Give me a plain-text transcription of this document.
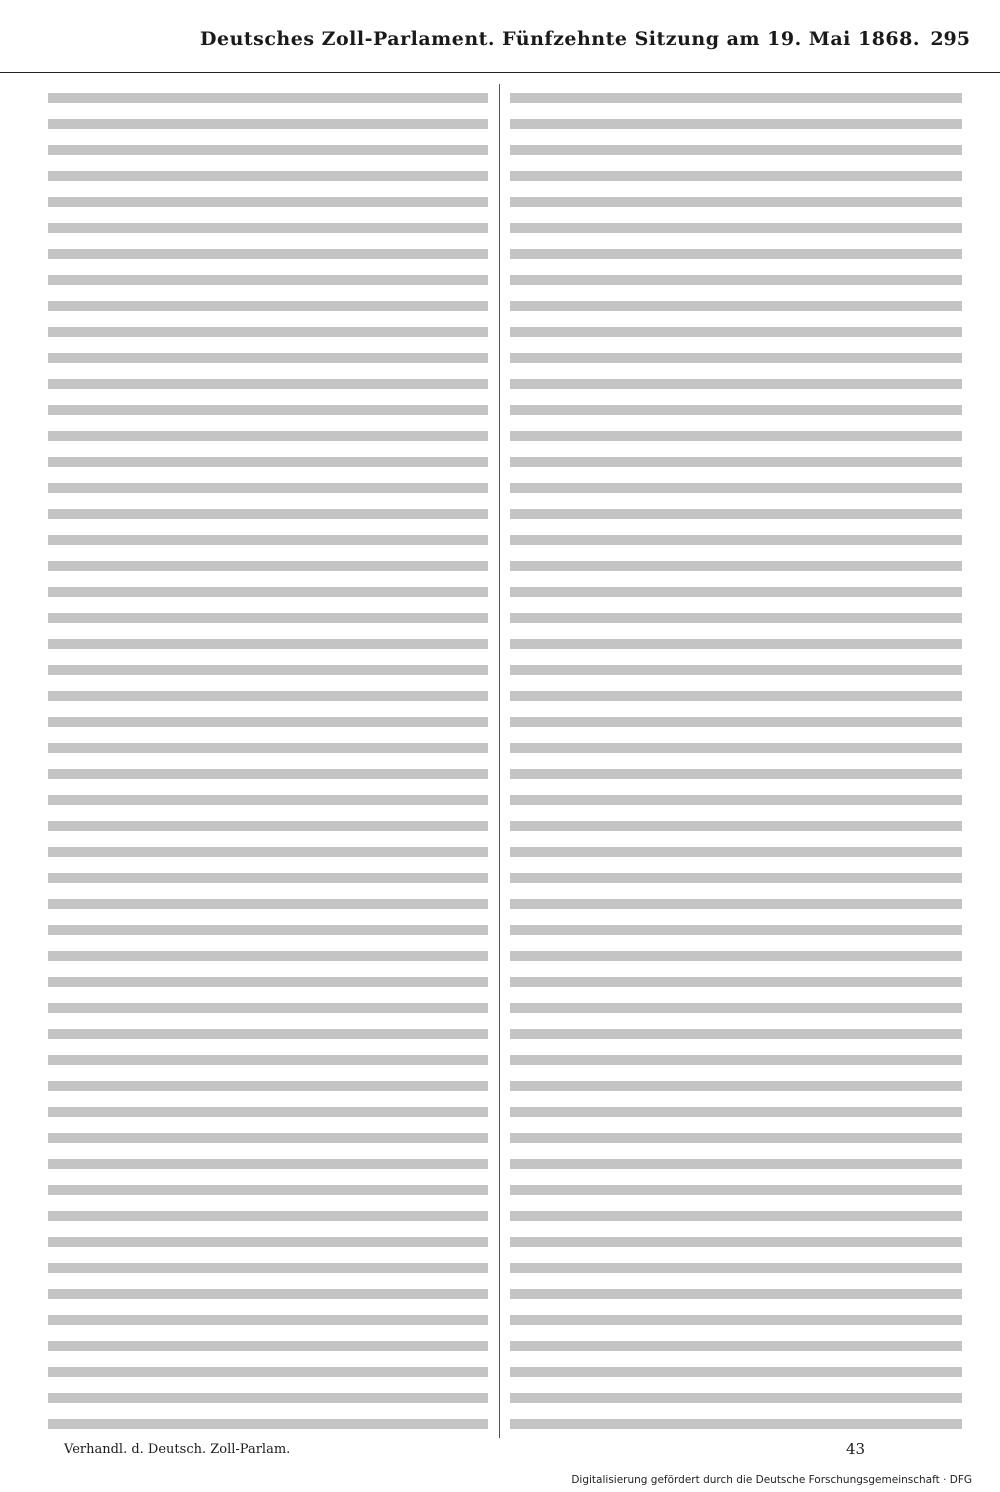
Deutsches Zoll-Parlament. Fünfzehnte Sitzung am 19. Mai 1868. 295
Verhandl. d. Deutsch. Zoll-Parlam.	43
Digitalisierung gefördert durch die Deutsche Forschungsgemeinschaft · DFG
